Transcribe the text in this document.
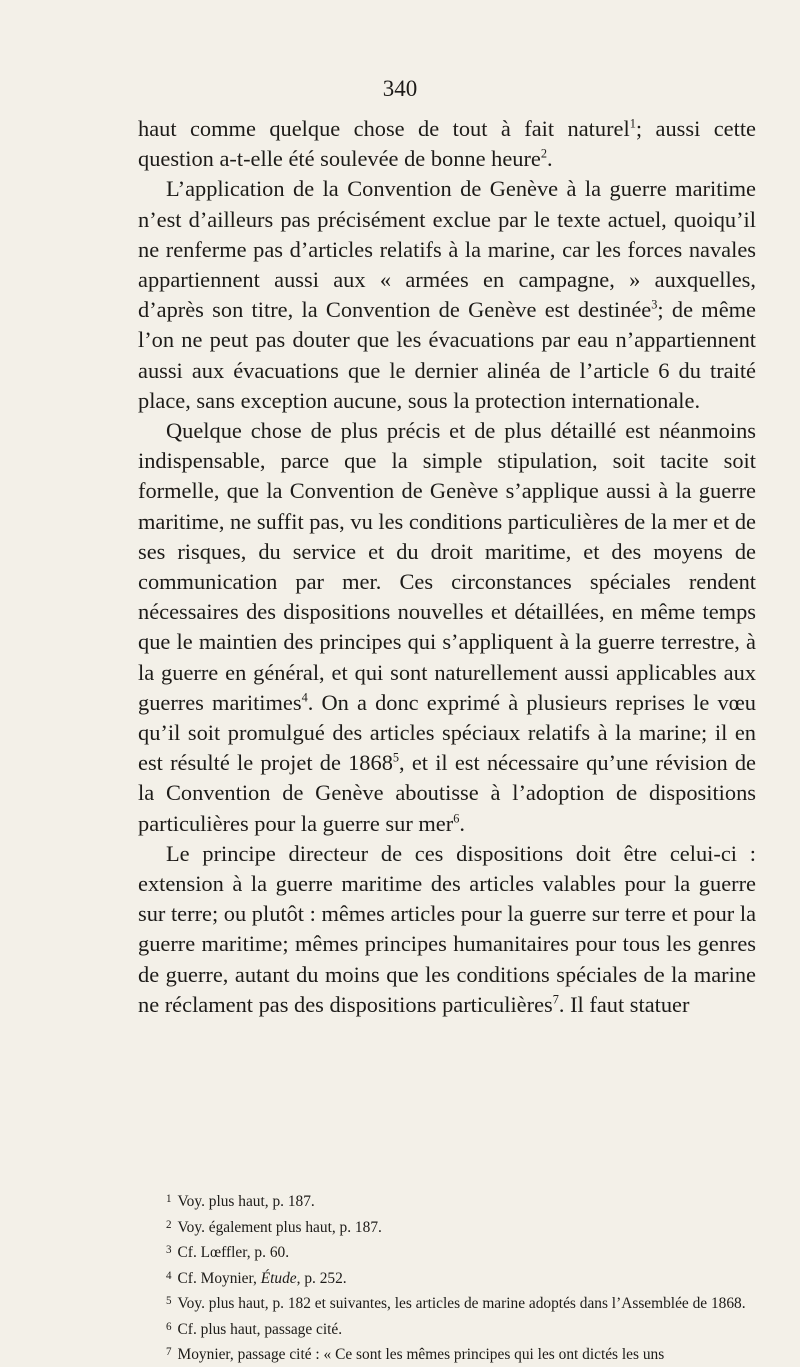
340

haut comme quelque chose de tout à fait naturel$^1$; aussi cette question a-t-elle été soulevée de bonne heure$^2$.

L’application de la Convention de Genève à la guerre maritime n’est d’ailleurs pas précisément exclue par le texte actuel, quoiqu’il ne renferme pas d’articles relatifs à la marine, car les forces navales appartiennent aussi aux « armées en campagne, » auxquelles, d’après son titre, la Convention de Genève est destinée$^3$; de même l’on ne peut pas douter que les évacuations par eau n’appartiennent aussi aux évacuations que le dernier alinéa de l’article 6 du traité place, sans exception aucune, sous la protection internationale.

Quelque chose de plus précis et de plus détaillé est néanmoins indispensable, parce que la simple stipulation, soit tacite soit formelle, que la Convention de Genève s’applique aussi à la guerre maritime, ne suffit pas, vu les conditions particulières de la mer et de ses risques, du service et du droit maritime, et des moyens de communication par mer. Ces circonstances spéciales rendent nécessaires des dispositions nouvelles et détaillées, en même temps que le maintien des principes qui s’appliquent à la guerre terrestre, à la guerre en général, et qui sont naturellement aussi applicables aux guerres maritimes$^4$. On a donc exprimé à plusieurs reprises le vœu qu’il soit promulgué des articles spéciaux relatifs à la marine; il en est résulté le projet de 1868$^5$, et il est nécessaire qu’une révision de la Convention de Genève aboutisse à l’adoption de dispositions particulières pour la guerre sur mer$^6$.

Le principe directeur de ces dispositions doit être celui-ci : extension à la guerre maritime des articles valables pour la guerre sur terre; ou plutôt : mêmes articles pour la guerre sur terre et pour la guerre maritime; mêmes principes humanitaires pour tous les genres de guerre, autant du moins que les conditions spéciales de la marine ne réclament pas des dispositions particulières$^7$. Il faut statuer

$^1$ Voy. plus haut, p. 187.

$^2$ Voy. également plus haut, p. 187.

$^3$ Cf. Lœffler, p. 60.

$^4$ Cf. Moynier, Étude, p. 252.

$^5$ Voy. plus haut, p. 182 et suivantes, les articles de marine adoptés dans l’Assemblée de 1868.

$^6$ Cf. plus haut, passage cité.

$^7$ Moynier, passage cité : « Ce sont les mêmes principes qui les ont dictés les uns
